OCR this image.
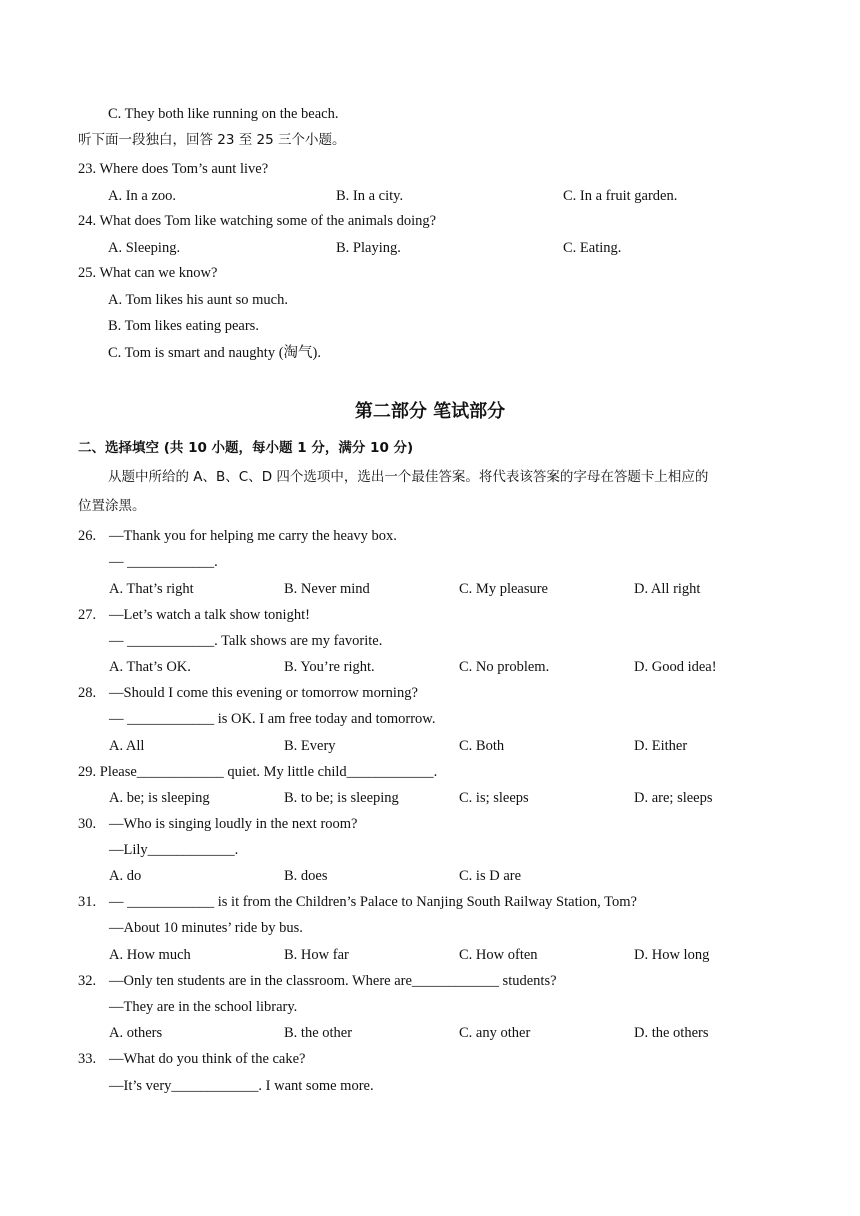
C. They both like running on the beach.
听下面一段独白，回答 23 至 25 三个小题。
23. Where does Tom’s aunt live?
A. In a zoo.	B. In a city.	C. In a fruit garden.
24. What does Tom like watching some of the animals doing?
A. Sleeping.	B. Playing.	C. Eating.
25. What can we know?
A. Tom likes his aunt so much.
B. Tom likes eating pears.
C. Tom is smart and naughty (淘气).
第二部分 笔试部分
二、选择填空 (共 10 小题，每小题 1 分，满分 10 分)
从题中所给的 A、B、C、D 四个选项中，选出一个最佳答案。将代表该答案的字母在答题卡上相应的
位置涂黑。
26. —Thank you for helping me carry the heavy box.
— ____________.
A. That’s right	B. Never mind	C. My pleasure	D. All right
27. —Let’s watch a talk show tonight!
— ____________. Talk shows are my favorite.
A. That’s OK.	B. You’re right.	C. No problem.	D. Good idea!
28. —Should I come this evening or tomorrow morning?
— ____________ is OK. I am free today and tomorrow.
A. All	B. Every	C. Both	D. Either
29. Please____________ quiet. My little child____________.
A. be; is sleeping	B. to be; is sleeping	C. is; sleeps	D. are; sleeps
30. —Who is singing loudly in the next room?
—Lily____________.
A. do	B. does	C. is D are
31. — ____________ is it from the Children’s Palace to Nanjing South Railway Station, Tom?
—About 10 minutes’ ride by bus.
A. How much	B. How far	C. How often	D. How long
32. —Only ten students are in the classroom. Where are____________ students?
—They are in the school library.
A. others	B. the other	C. any other	D. the others
33. —What do you think of the cake?
—It’s very____________. I want some more.
